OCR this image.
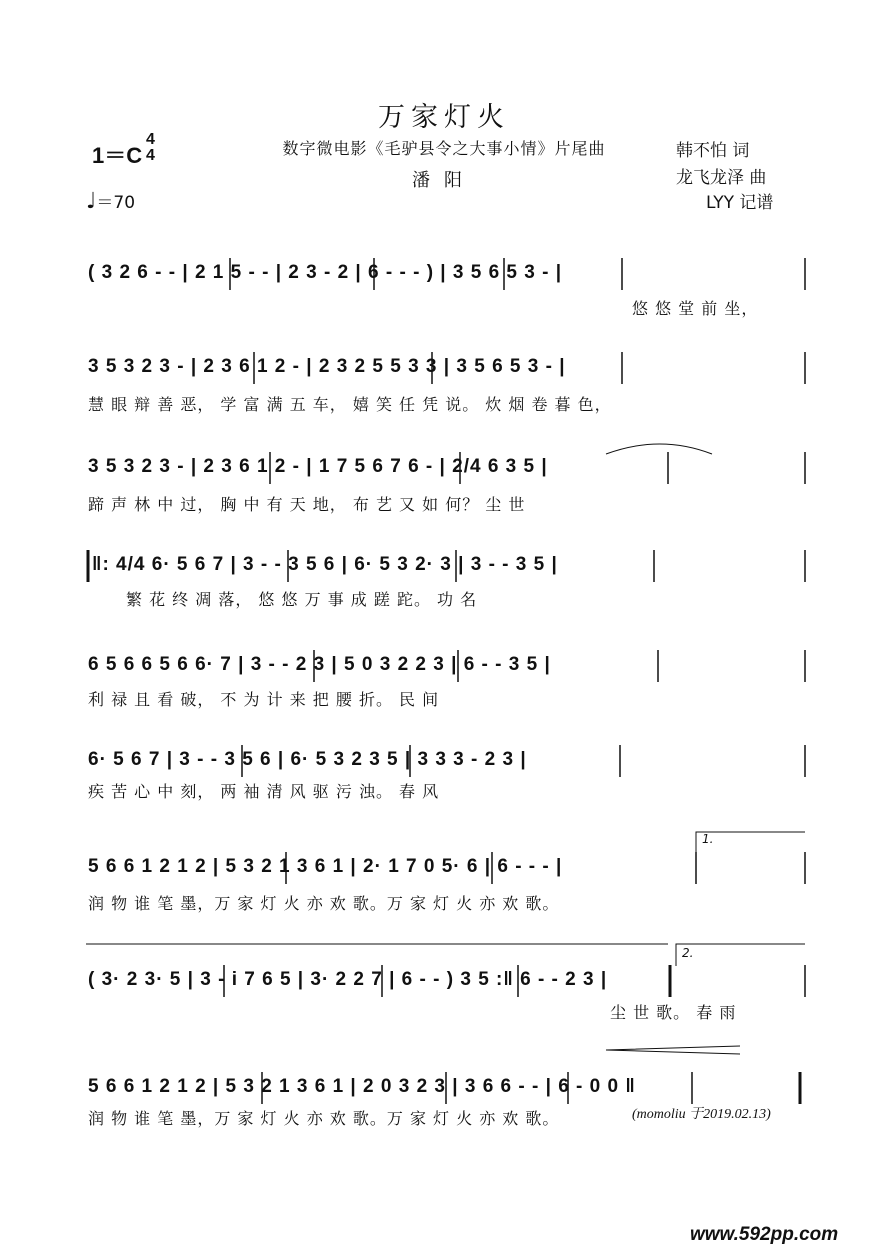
万家灯火
数字微电影《毛驴县令之大事小情》片尾曲
潘阳
1＝C
4
4
♩＝70
韩不怕 词
龙飞龙泽 曲
LYY 记谱
( 3 2 6 - - | 2 1 5 - - | 2 3 - 2 | 6 - - - ) | 3 5 6 5 3 - |
悠 悠 堂 前 坐，
3 5 3 2 3 - | 2 3 6 1 2 - | 2 3 2 5 5 3 3 | 3 5 6 5 3 - |
慧 眼 辩 善 恶， 学 富 满 五 车， 嬉 笑 任 凭 说。 炊 烟 卷 暮 色，
3 5 3 2 3 - | 2 3 6 1 2 - | 1 7 5 6 7 6 - | 2/4 6 3 5 |
蹄 声 林 中 过， 胸 中 有 天 地， 布 艺 又 如 何？ 尘 世
‖: 4/4 6· 5 6 7 | 3 - - 3 5 6 | 6· 5 3 2· 3 | 3 - - 3 5 |
繁 花 终 凋 落， 悠 悠 万 事 成 蹉 跎。 功 名
6 5 6 6 5 6 6· 7 | 3 - - 2 3 | 5 0 3 2 2 3 | 6 - - 3 5 |
利 禄 且 看 破， 不 为 计 来 把 腰 折。 民 间
6· 5 6 7 | 3 - - 3 5 6 | 6· 5 3 2 3 5 | 3 3 3 - 2 3 |
疾 苦 心 中 刻， 两 袖 清 风 驱 污 浊。 春 风
5 6 6 1 2 1 2 | 5 3 2 1 3 6 1 | 2· 1 7 0 5· 6 | 6 - - - |
润 物 谁 笔 墨，万 家 灯 火 亦 欢 歌。万 家 灯 火 亦 欢 歌。
1.
( 3· 2 3· 5 | 3 - i 7 6 5 | 3· 2 2 7 | 6 - - ) 3 5 :‖ 6 - - 2 3 |
尘 世 歌。 春 雨
2.
5 6 6 1 2 1 2 | 5 3 2 1 3 6 1 | 2 0 3 2 3 | 3 6 6 - - | 6 - 0 0 ‖
润 物 谁 笔 墨，万 家 灯 火 亦 欢 歌。万 家 灯 火 亦 欢 歌。	(momoliu 于2019.02.13)
www.592pp.com
